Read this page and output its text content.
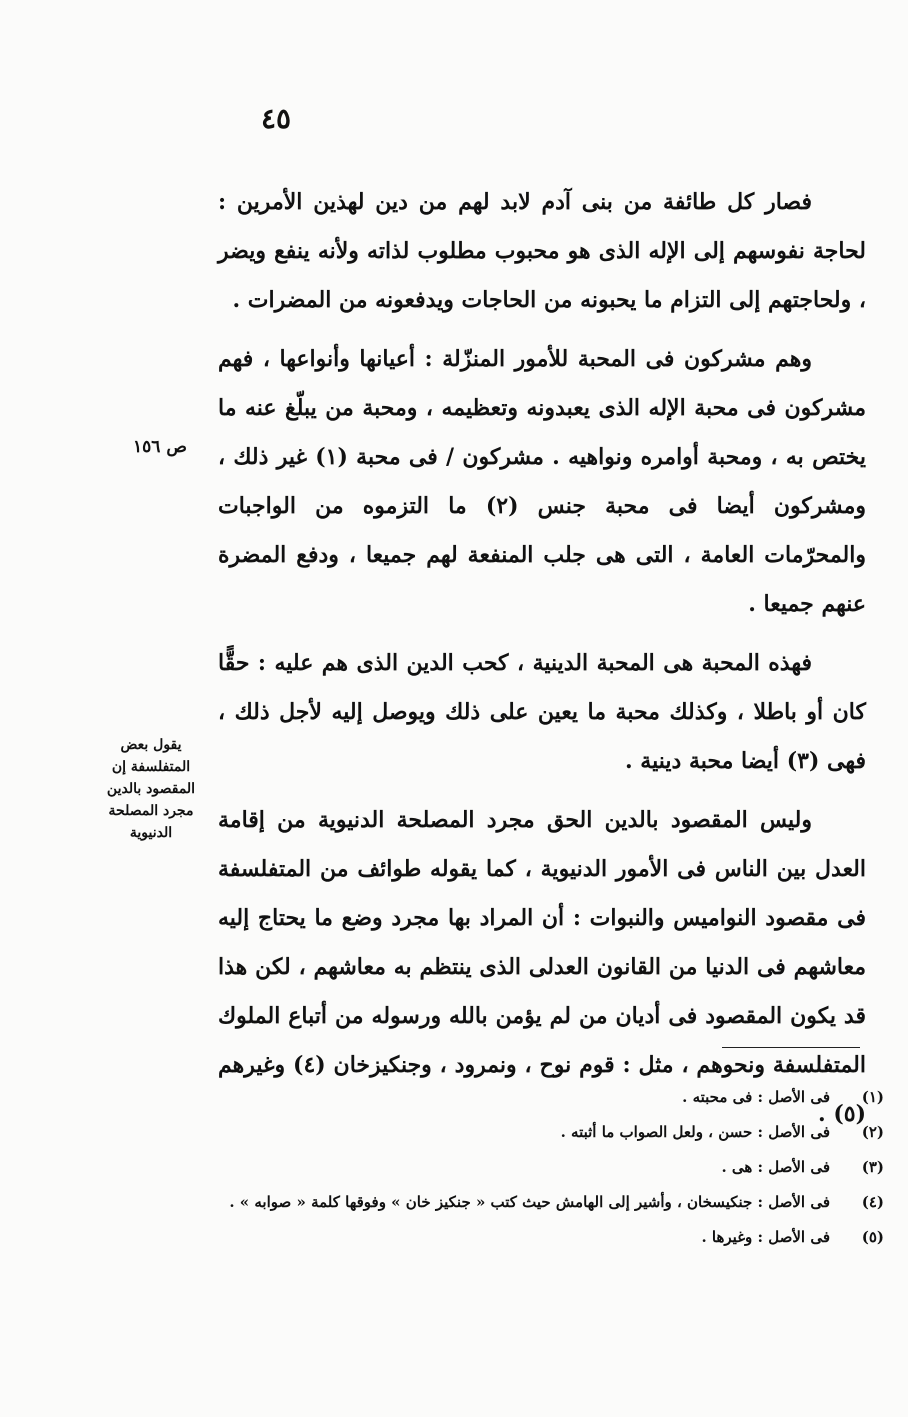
٤٥

فصار كل طائفة من بنى آدم لابد لهم من دين لهذين الأمرين : لحاجة نفوسهم إلى الإله الذى هو محبوب مطلوب لذاته ولأنه ينفع ويضر ، ولحاجتهم إلى التزام ما يحبونه من الحاجات ويدفعونه من المضرات .

وهم مشركون فى المحبة للأمور المنزّلة : أعيانها وأنواعها ، فهم مشركون فى محبة الإله الذى يعبدونه وتعظيمه ، ومحبة من يبلّغ عنه ما يختص به ، ومحبة أوامره ونواهيه . مشركون / فى محبة (١) غير ذلك ، ومشركون أيضا فى محبة جنس (٢) ما التزموه من الواجبات والمحرّمات العامة ، التى هى جلب المنفعة لهم جميعا ، ودفع المضرة عنهم جميعا .

فهذه المحبة هى المحبة الدينية ، كحب الدين الذى هم عليه : حقًّا كان أو باطلا ، وكذلك محبة ما يعين على ذلك ويوصل إليه لأجل ذلك ، فهى (٣) أيضا محبة دينية .

وليس المقصود بالدين الحق مجرد المصلحة الدنيوية من إقامة العدل بين الناس فى الأمور الدنيوية ، كما يقوله طوائف من المتفلسفة فى مقصود النواميس والنبوات : أن المراد بها مجرد وضع ما يحتاج إليه معاشهم فى الدنيا من القانون العدلى الذى ينتظم به معاشهم ، لكن هذا قد يكون المقصود فى أديان من لم يؤمن بالله ورسوله من أتباع الملوك المتفلسفة ونحوهم ، مثل : قوم نوح ، ونمرود ، وجنكيزخان (٤) وغيرهم (٥) .

ص ١٥٦
يقول بعض المتفلسفة إن المقصود بالدين مجرد المصلحة الدنيوية

(١)فى الأصل : فى محبته .

(٢)فى الأصل : حسن ، ولعل الصواب ما أثبته .

(٣)فى الأصل : هى .

(٤)فى الأصل : جنكيسخان ، وأشير إلى الهامش حيث كتب « جنكيز خان » وفوقها كلمة « صوابه » .

(٥)فى الأصل : وغيرها .
